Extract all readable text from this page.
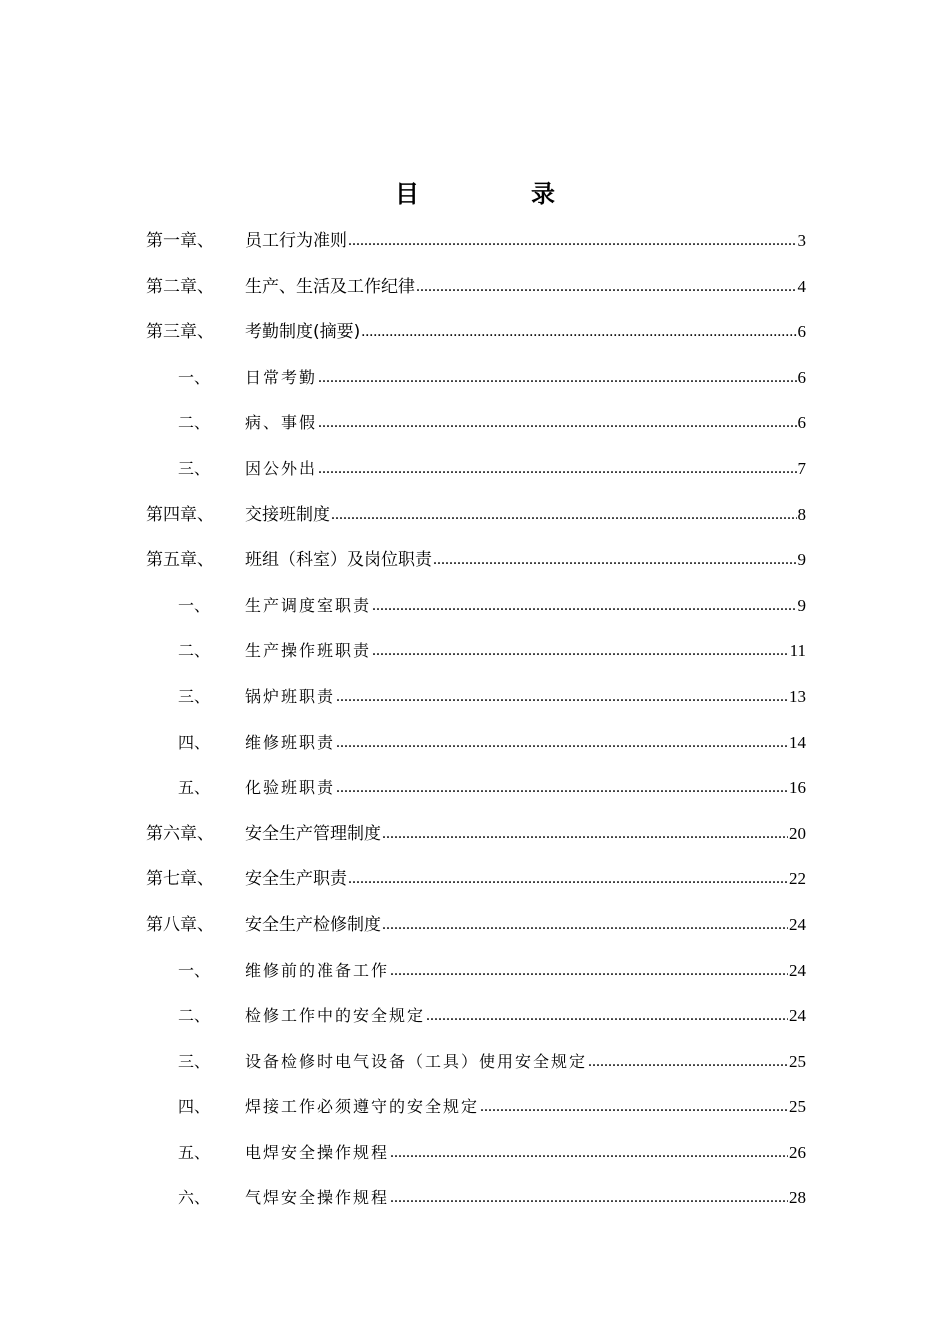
目　录
第一章、	员工行为准则 .....	3
第二章、	生产、生活及工作纪律 .....	4
第三章、	考勤制度(摘要) .....	6
一、	日常考勤 .....	6
二、	病、事假 .....	6
三、	因公外出 .....	7
第四章、	交接班制度 .....	8
第五章、	班组（科室）及岗位职责 .....	9
一、	生产调度室职责 .....	9
二、	生产操作班职责 .....	11
三、	锅炉班职责 .....	13
四、	维修班职责 .....	14
五、	化验班职责 .....	16
第六章、	安全生产管理制度 .....	20
第七章、	安全生产职责 .....	22
第八章、	安全生产检修制度 .....	24
一、	维修前的准备工作 .....	24
二、	检修工作中的安全规定 .....	24
三、	设备检修时电气设备（工具）使用安全规定 .....	25
四、	焊接工作必须遵守的安全规定 .....	25
五、	电焊安全操作规程 .....	26
六、	气焊安全操作规程 .....	28
